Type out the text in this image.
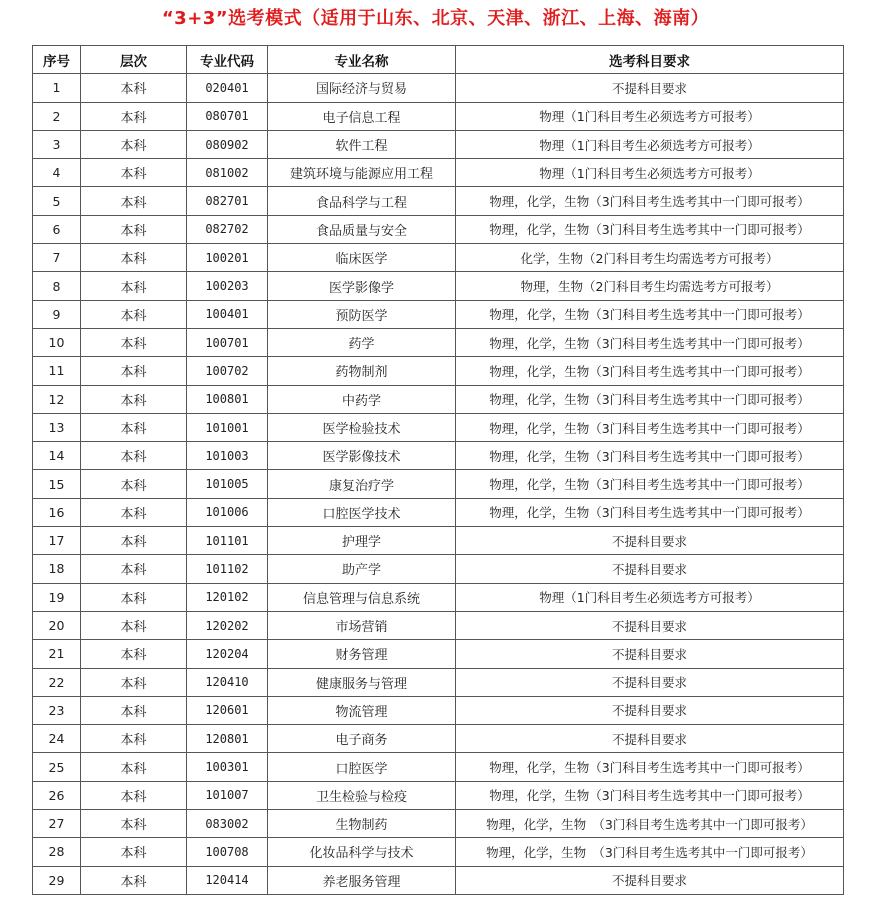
“3+3”选考模式（适用于山东、北京、天津、浙江、上海、海南）
序号	层次	专业代码	专业名称	选考科目要求
1	本科	020401	国际经济与贸易	不提科目要求
2	本科	080701	电子信息工程	物理（1门科目考生必须选考方可报考）
3	本科	080902	软件工程	物理（1门科目考生必须选考方可报考）
4	本科	081002	建筑环境与能源应用工程	物理（1门科目考生必须选考方可报考）
5	本科	082701	食品科学与工程	物理，化学，生物（3门科目考生选考其中一门即可报考）
6	本科	082702	食品质量与安全	物理，化学，生物（3门科目考生选考其中一门即可报考）
7	本科	100201	临床医学	化学，生物（2门科目考生均需选考方可报考）
8	本科	100203	医学影像学	物理，生物（2门科目考生均需选考方可报考）
9	本科	100401	预防医学	物理，化学，生物（3门科目考生选考其中一门即可报考）
10	本科	100701	药学	物理，化学，生物（3门科目考生选考其中一门即可报考）
11	本科	100702	药物制剂	物理，化学，生物（3门科目考生选考其中一门即可报考）
12	本科	100801	中药学	物理，化学，生物（3门科目考生选考其中一门即可报考）
13	本科	101001	医学检验技术	物理，化学，生物（3门科目考生选考其中一门即可报考）
14	本科	101003	医学影像技术	物理，化学，生物（3门科目考生选考其中一门即可报考）
15	本科	101005	康复治疗学	物理，化学，生物（3门科目考生选考其中一门即可报考）
16	本科	101006	口腔医学技术	物理，化学，生物（3门科目考生选考其中一门即可报考）
17	本科	101101	护理学	不提科目要求
18	本科	101102	助产学	不提科目要求
19	本科	120102	信息管理与信息系统	物理（1门科目考生必须选考方可报考）
20	本科	120202	市场营销	不提科目要求
21	本科	120204	财务管理	不提科目要求
22	本科	120410	健康服务与管理	不提科目要求
23	本科	120601	物流管理	不提科目要求
24	本科	120801	电子商务	不提科目要求
25	本科	100301	口腔医学	物理，化学，生物（3门科目考生选考其中一门即可报考）
26	本科	101007	卫生检验与检疫	物理，化学，生物（3门科目考生选考其中一门即可报考）
27	本科	083002	生物制药	物理，化学，生物　（3门科目考生选考其中一门即可报考）
28	本科	100708	化妆品科学与技术	物理，化学，生物　（3门科目考生选考其中一门即可报考）
29	本科	120414	养老服务管理	不提科目要求
